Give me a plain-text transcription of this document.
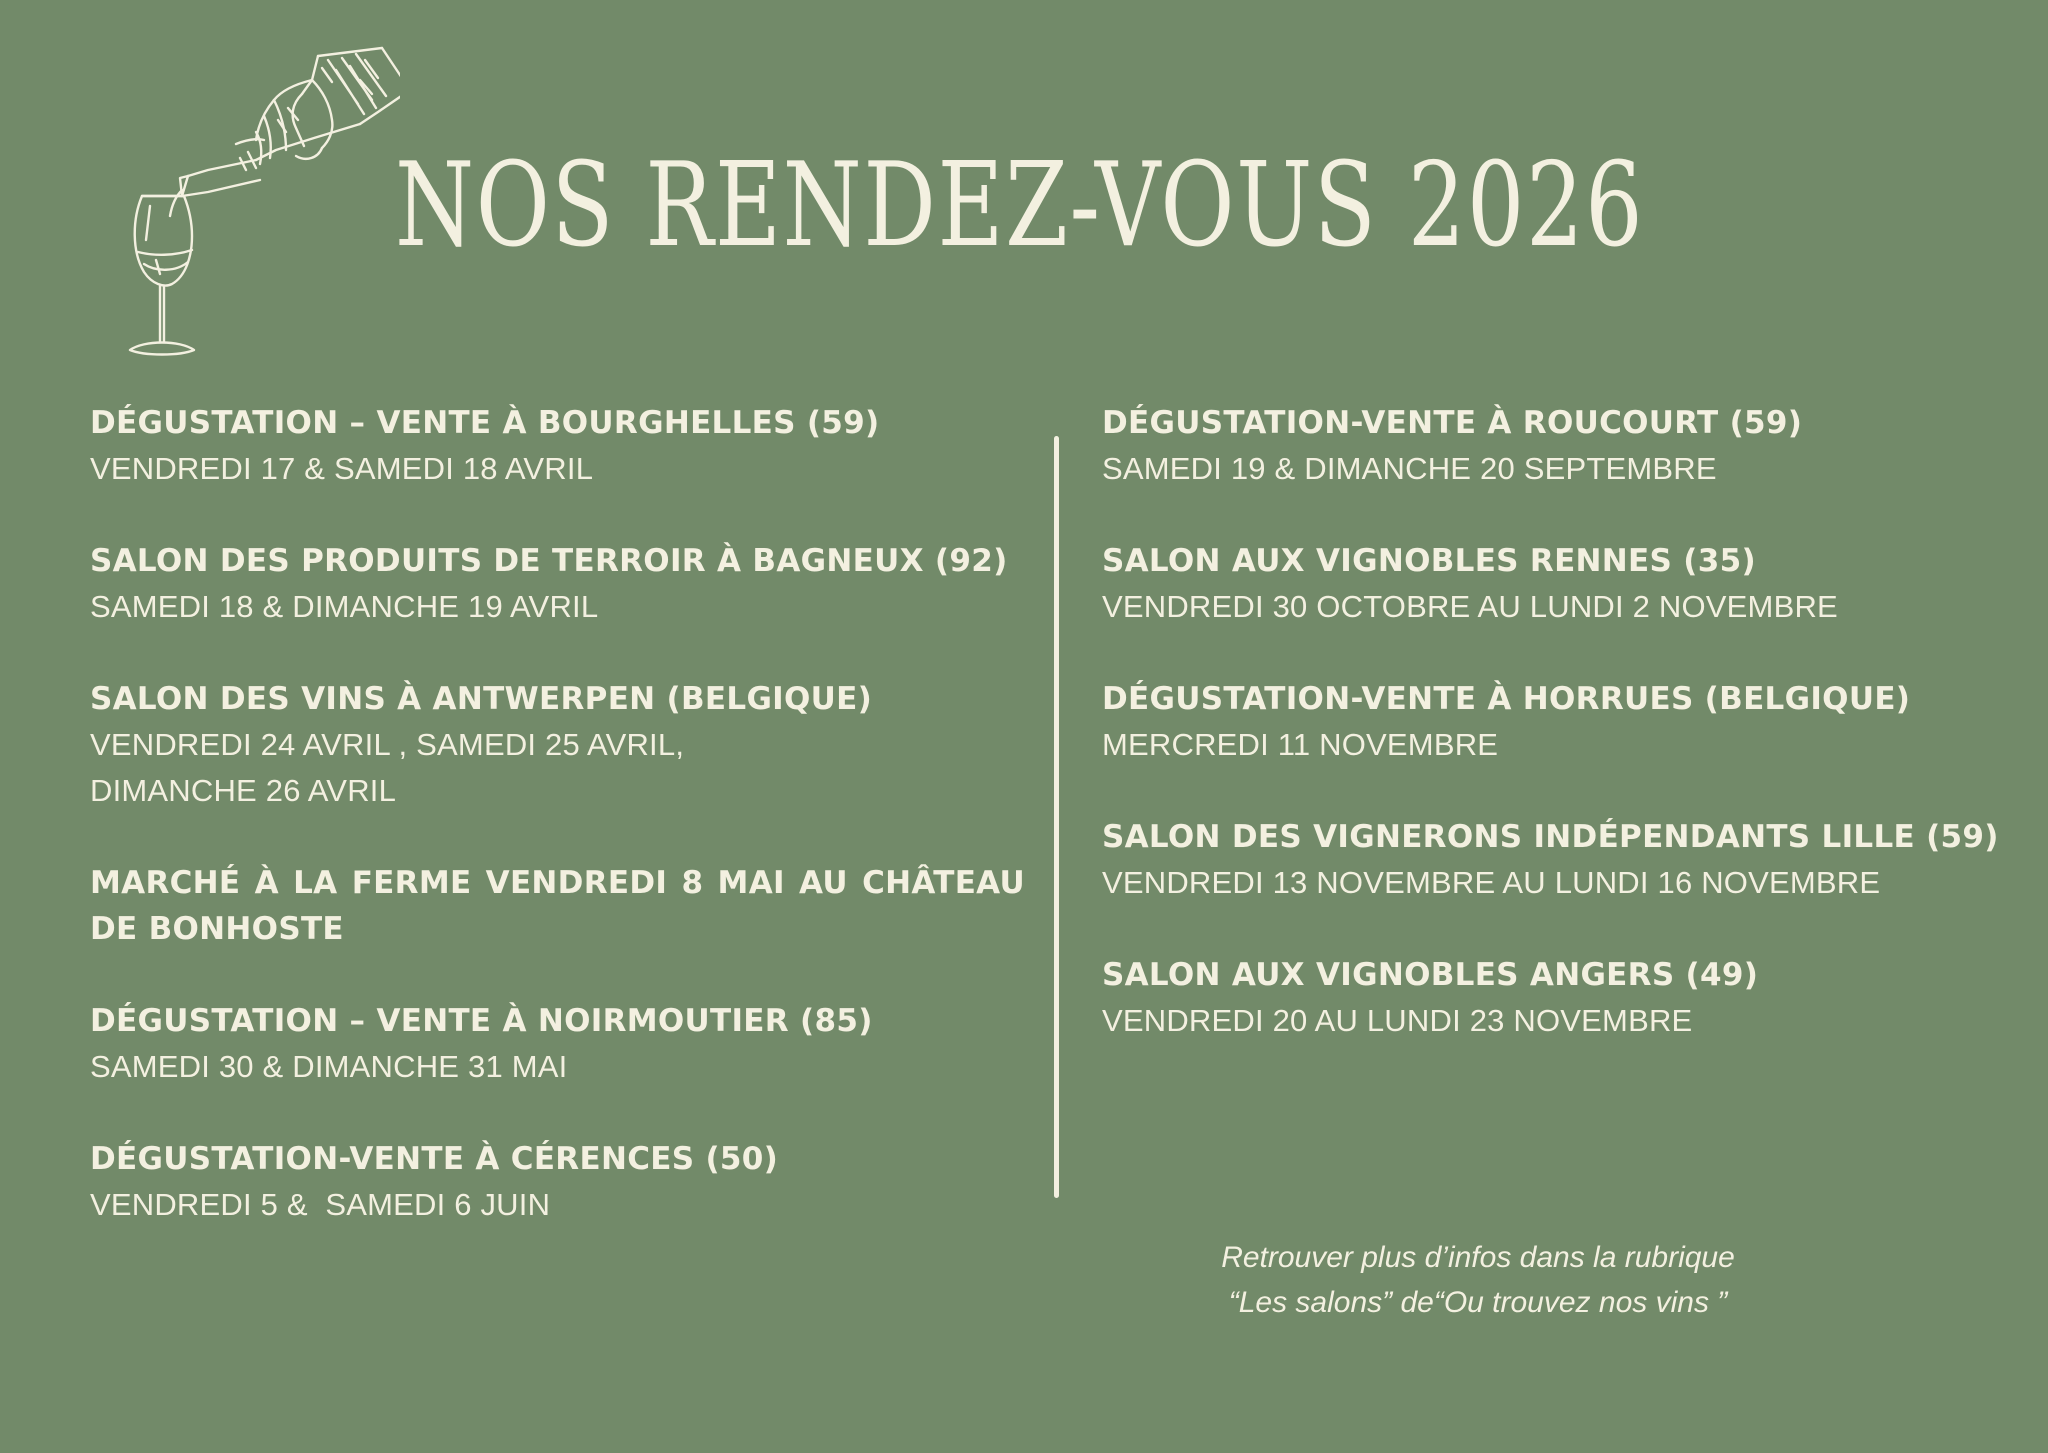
NOS RENDEZ-VOUS 2026
DÉGUSTATION – VENTE À BOURGHELLES (59)
VENDREDI 17 & SAMEDI 18 AVRIL
SALON DES PRODUITS DE TERROIR À BAGNEUX (92)
SAMEDI 18 & DIMANCHE 19 AVRIL
SALON DES VINS À ANTWERPEN (BELGIQUE)
VENDREDI 24 AVRIL , SAMEDI 25 AVRIL,
DIMANCHE 26 AVRIL
MARCHÉ À LA FERME VENDREDI 8 MAI AU CHÂTEAU DE BONHOSTE
DÉGUSTATION – VENTE À NOIRMOUTIER (85)
SAMEDI 30 & DIMANCHE 31 MAI
DÉGUSTATION-VENTE À CÉRENCES (50)
VENDREDI 5 &  SAMEDI 6 JUIN
DÉGUSTATION-VENTE À ROUCOURT (59)
SAMEDI 19 & DIMANCHE 20 SEPTEMBRE
SALON AUX VIGNOBLES RENNES (35)
VENDREDI 30 OCTOBRE AU LUNDI 2 NOVEMBRE
DÉGUSTATION-VENTE À HORRUES (BELGIQUE)
MERCREDI 11 NOVEMBRE
SALON DES VIGNERONS INDÉPENDANTS LILLE (59)
VENDREDI 13 NOVEMBRE AU LUNDI 16 NOVEMBRE
SALON AUX VIGNOBLES ANGERS (49)
VENDREDI 20 AU LUNDI 23 NOVEMBRE
Retrouver plus d’infos dans la rubrique
“Les salons” de“Ou trouvez nos vins ”
